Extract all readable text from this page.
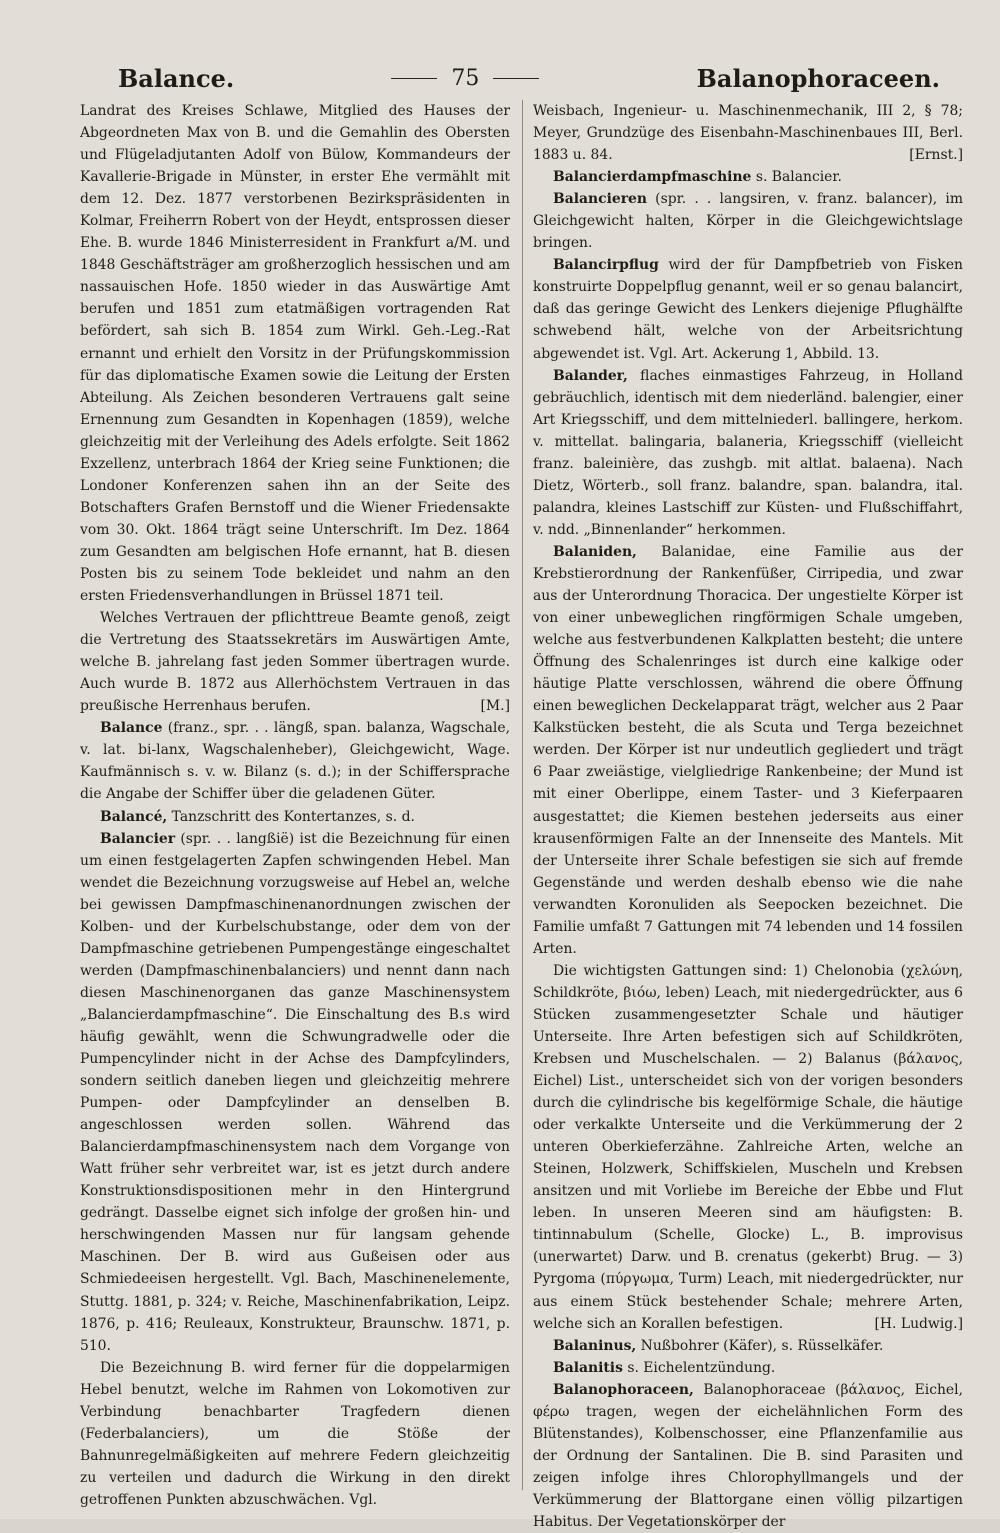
Balance.	75	Balanophoraceen.

Landrat des Kreises Schlawe, Mitglied des Hauses der Abgeordneten Max von B. und die Gemahlin des Obersten und Flügeladjutanten Adolf von Bülow, Kommandeurs der Kavallerie-Brigade in Münster, in erster Ehe vermählt mit dem 12. Dez. 1877 verstorbenen Bezirkspräsidenten in Kolmar, Freiherrn Robert von der Heydt, entsprossen dieser Ehe. B. wurde 1846 Ministerresident in Frankfurt a/M. und 1848 Geschäftsträger am großherzoglich hessischen und am nassauischen Hofe. 1850 wieder in das Auswärtige Amt berufen und 1851 zum etatmäßigen vortragenden Rat befördert, sah sich B. 1854 zum Wirkl. Geh.-Leg.-Rat ernannt und erhielt den Vorsitz in der Prüfungskommission für das diplomatische Examen sowie die Leitung der Ersten Abteilung. Als Zeichen besonderen Vertrauens galt seine Ernennung zum Gesandten in Kopenhagen (1859), welche gleichzeitig mit der Verleihung des Adels erfolgte. Seit 1862 Exzellenz, unterbrach 1864 der Krieg seine Funktionen; die Londoner Konferenzen sahen ihn an der Seite des Botschafters Grafen Bernstoff und die Wiener Friedensakte vom 30. Okt. 1864 trägt seine Unterschrift. Im Dez. 1864 zum Gesandten am belgischen Hofe ernannt, hat B. diesen Posten bis zu seinem Tode bekleidet und nahm an den ersten Friedensverhandlungen in Brüssel 1871 teil.

Welches Vertrauen der pflichttreue Beamte genoß, zeigt die Vertretung des Staatssekretärs im Auswärtigen Amte, welche B. jahrelang fast jeden Sommer übertragen wurde. Auch wurde B. 1872 aus Allerhöchstem Vertrauen in das preußische Herrenhaus berufen.	[M.]

Balance (franz., spr. . . längß, span. balanza, Wagschale, v. lat. bi-lanx, Wagschalenheber), Gleichgewicht, Wage. Kaufmännisch s. v. w. Bilanz (s. d.); in der Schiffersprache die Angabe der Schiffer über die geladenen Güter.

Balancé, Tanzschritt des Kontertanzes, s. d.

Balancier (spr. . . langßië) ist die Bezeichnung für einen um einen festgelagerten Zapfen schwingenden Hebel. Man wendet die Bezeichnung vorzugsweise auf Hebel an, welche bei gewissen Dampfmaschinenanordnungen zwischen der Kolben- und der Kurbelschubstange, oder dem von der Dampfmaschine getriebenen Pumpengestänge eingeschaltet werden (Dampfmaschinenbalanciers) und nennt dann nach diesen Maschinenorganen das ganze Maschinensystem „Balancierdampfmaschine“. Die Einschaltung des B.s wird häufig gewählt, wenn die Schwungradwelle oder die Pumpencylinder nicht in der Achse des Dampfcylinders, sondern seitlich daneben liegen und gleichzeitig mehrere Pumpen- oder Dampfcylinder an denselben B. angeschlossen werden sollen. Während das Balancierdampfmaschinensystem nach dem Vorgange von Watt früher sehr verbreitet war, ist es jetzt durch andere Konstruktionsdispositionen mehr in den Hintergrund gedrängt. Dasselbe eignet sich infolge der großen hin- und herschwingenden Massen nur für langsam gehende Maschinen. Der B. wird aus Gußeisen oder aus Schmiedeeisen hergestellt. Vgl. Bach, Maschinenelemente, Stuttg. 1881, p. 324; v. Reiche, Maschinenfabrikation, Leipz. 1876, p. 416; Reuleaux, Konstrukteur, Braunschw. 1871, p. 510.

Die Bezeichnung B. wird ferner für die doppelarmigen Hebel benutzt, welche im Rahmen von Lokomotiven zur Verbindung benachbarter Tragfedern dienen (Federbalanciers), um die Stöße der Bahnunregelmäßigkeiten auf mehrere Federn gleichzeitig zu verteilen und dadurch die Wirkung in den direkt getroffenen Punkten abzuschwächen. Vgl.

Weisbach, Ingenieur- u. Maschinenmechanik, III 2, § 78; Meyer, Grundzüge des Eisenbahn-Maschinenbaues III, Berl. 1883 u. 84.	[Ernst.]

Balancierdampfmaschine s. Balancier.

Balancieren (spr. . . langsiren, v. franz. balancer), im Gleichgewicht halten, Körper in die Gleichgewichtslage bringen.

Balancirpflug wird der für Dampfbetrieb von Fisken konstruirte Doppelpflug genannt, weil er so genau balancirt, daß das geringe Gewicht des Lenkers diejenige Pflughälfte schwebend hält, welche von der Arbeitsrichtung abgewendet ist. Vgl. Art. Ackerung 1, Abbild. 13.

Balander, flaches einmastiges Fahrzeug, in Holland gebräuchlich, identisch mit dem niederländ. balengier, einer Art Kriegsschiff, und dem mittelniederl. ballingere, herkom. v. mittellat. balingaria, balaneria, Kriegsschiff (vielleicht franz. baleinière, das zushgb. mit altlat. balaena). Nach Dietz, Wörterb., soll franz. balandre, span. balandra, ital. palandra, kleines Lastschiff zur Küsten- und Flußschiffahrt, v. ndd. „Binnenlander“ herkommen.

Balaniden, Balanidae, eine Familie aus der Krebstierordnung der Rankenfüßer, Cirripedia, und zwar aus der Unterordnung Thoracica. Der ungestielte Körper ist von einer unbeweglichen ringförmigen Schale umgeben, welche aus festverbundenen Kalkplatten besteht; die untere Öffnung des Schalenringes ist durch eine kalkige oder häutige Platte verschlossen, während die obere Öffnung einen beweglichen Deckelapparat trägt, welcher aus 2 Paar Kalkstücken besteht, die als Scuta und Terga bezeichnet werden. Der Körper ist nur undeutlich gegliedert und trägt 6 Paar zweiästige, vielgliedrige Rankenbeine; der Mund ist mit einer Oberlippe, einem Taster- und 3 Kieferpaaren ausgestattet; die Kiemen bestehen jederseits aus einer krausenförmigen Falte an der Innenseite des Mantels. Mit der Unterseite ihrer Schale befestigen sie sich auf fremde Gegenstände und werden deshalb ebenso wie die nahe verwandten Koronuliden als Seepocken bezeichnet. Die Familie umfaßt 7 Gattungen mit 74 lebenden und 14 fossilen Arten.

Die wichtigsten Gattungen sind: 1) Chelonobia (χελώνη, Schildkröte, βιόω, leben) Leach, mit niedergedrückter, aus 6 Stücken zusammengesetzter Schale und häutiger Unterseite. Ihre Arten befestigen sich auf Schildkröten, Krebsen und Muschelschalen. — 2) Balanus (βάλανος, Eichel) List., unterscheidet sich von der vorigen besonders durch die cylindrische bis kegelförmige Schale, die häutige oder verkalkte Unterseite und die Verkümmerung der 2 unteren Oberkieferzähne. Zahlreiche Arten, welche an Steinen, Holzwerk, Schiffskielen, Muscheln und Krebsen ansitzen und mit Vorliebe im Bereiche der Ebbe und Flut leben. In unseren Meeren sind am häufigsten: B. tintinnabulum (Schelle, Glocke) L., B. improvisus (unerwartet) Darw. und B. crenatus (gekerbt) Brug. — 3) Pyrgoma (πύργωμα, Turm) Leach, mit niedergedrückter, nur aus einem Stück bestehender Schale; mehrere Arten, welche sich an Korallen befestigen.	[H. Ludwig.]

Balaninus, Nußbohrer (Käfer), s. Rüsselkäfer.

Balanitis s. Eichelentzündung.

Balanophoraceen, Balanophoraceae (βάλανος, Eichel, φέρω tragen, wegen der eichelähnlichen Form des Blütenstandes), Kolbenschosser, eine Pflanzenfamilie aus der Ordnung der Santalinen. Die B. sind Parasiten und zeigen infolge ihres Chlorophyllmangels und der Verkümmerung der Blattorgane einen völlig pilzartigen Habitus. Der Vegetationskörper der
